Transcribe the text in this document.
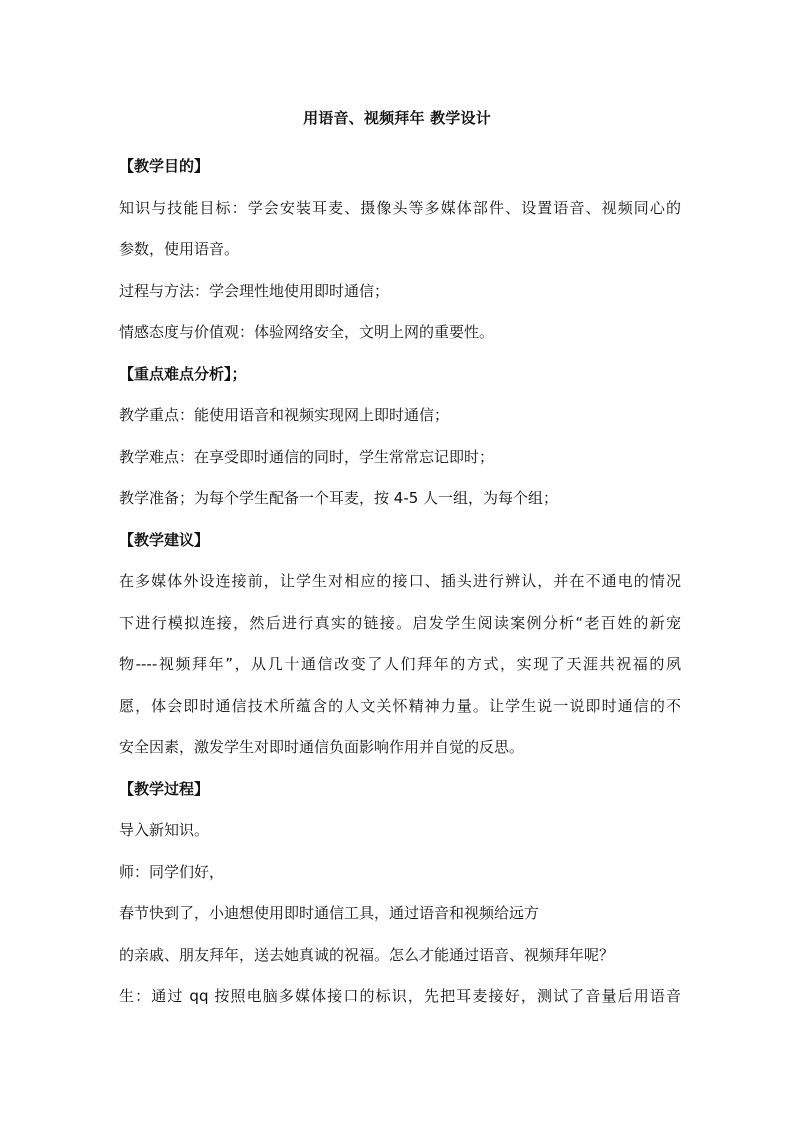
用语音、视频拜年 教学设计
【教学目的】
知识与技能目标：学会安装耳麦、摄像头等多媒体部件、设置语音、视频同心的
参数，使用语音。
过程与方法：学会理性地使用即时通信；
情感态度与价值观：体验网络安全，文明上网的重要性。
【重点难点分析】；
教学重点：能使用语音和视频实现网上即时通信；
教学难点：在享受即时通信的同时，学生常常忘记即时；
教学准备；为每个学生配备一个耳麦，按 4-5 人一组，为每个组；
【教学建议】
在多媒体外设连接前，让学生对相应的接口、插头进行辨认，并在不通电的情况
下进行模拟连接，然后进行真实的链接。启发学生阅读案例分析“老百姓的新宠
物----视频拜年”，从几十通信改变了人们拜年的方式，实现了天涯共祝福的夙
愿，体会即时通信技术所蕴含的人文关怀精神力量。让学生说一说即时通信的不
安全因素，激发学生对即时通信负面影响作用并自觉的反思。
【教学过程】
导入新知识。
师：同学们好，
春节快到了，小迪想使用即时通信工具，通过语音和视频给远方
的亲戚、朋友拜年，送去她真诚的祝福。怎么才能通过语音、视频拜年呢？
生：通过 qq 按照电脑多媒体接口的标识，先把耳麦接好，测试了音量后用语音
